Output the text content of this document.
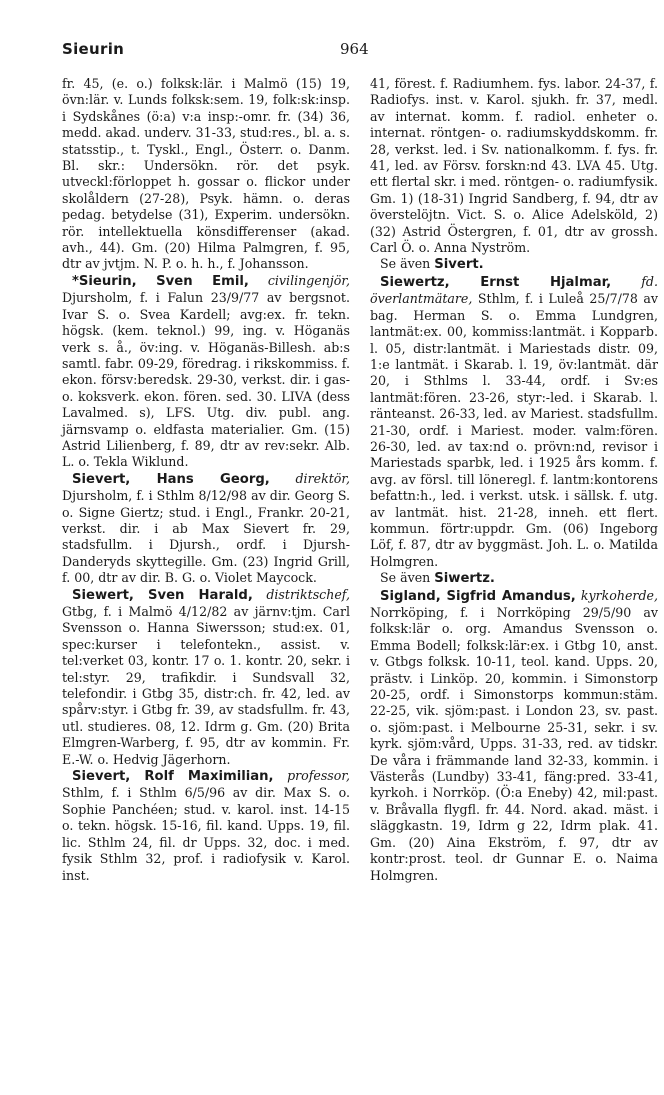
Sieurin	964

fr. 45, (e. o.) folksk:lär. i Malmö (15) 19, övn:lär. v. Lunds folksk:sem. 19, folk:sk:insp. i Sydskånes (ö:a) v:a insp:-omr. fr. (34) 36, medd. akad. underv. 31-33, stud:res., bl. a. s. statsstip., t. Tyskl., Engl., Österr. o. Danm. Bl. skr.: Undersökn. rör. det psyk. utveckl:förloppet h. gossar o. flickor under skolåldern (27-28), Psyk. hämn. o. deras pedag. betydelse (31), Experim. undersökn. rör. intellektuella könsdifferenser (akad. avh., 44). Gm. (20) Hilma Palmgren, f. 95, dtr av jvtjm. N. P. o. h. h., f. Johansson.

*Sieurin, Sven Emil, civilingenjör, Djursholm, f. i Falun 23/9/77 av bergsnot. Ivar S. o. Svea Kardell; avg:ex. fr. tekn. högsk. (kem. teknol.) 99, ing. v. Höganäs verk s. å., öv:ing. v. Höganäs-Billesh. ab:s samtl. fabr. 09-29, föredrag. i rikskommiss. f. ekon. försv:beredsk. 29-30, verkst. dir. i gas- o. koksverk. ekon. fören. sed. 30. LIVA (dess Lavalmed. s), LFS. Utg. div. publ. ang. järnsvamp o. eldfasta materialier. Gm. (15) Astrid Lilienberg, f. 89, dtr av rev:sekr. Alb. L. o. Tekla Wiklund.

Sievert, Hans Georg, direktör, Djursholm, f. i Sthlm 8/12/98 av dir. Georg S. o. Signe Giertz; stud. i Engl., Frankr. 20-21, verkst. dir. i ab Max Sievert fr. 29, stadsfullm. i Djursh., ordf. i Djursh-Danderyds skyttegille. Gm. (23) Ingrid Grill, f. 00, dtr av dir. B. G. o. Violet Maycock.

Siewert, Sven Harald, distriktschef, Gtbg, f. i Malmö 4/12/82 av järnv:tjm. Carl Svensson o. Hanna Siwersson; stud:ex. 01, spec:kurser i telefontekn., assist. v. tel:verket 03, kontr. 17 o. 1. kontr. 20, sekr. i tel:styr. 29, trafikdir. i Sundsvall 32, telefondir. i Gtbg 35, distr:ch. fr. 42, led. av spårv:styr. i Gtbg fr. 39, av stadsfullm. fr. 43, utl. studieres. 08, 12. Idrm g. Gm. (20) Brita Elmgren-Warberg, f. 95, dtr av kommin. Fr. E.-W. o. Hedvig Jägerhorn.

Sievert, Rolf Maximilian, professor, Sthlm, f. i Sthlm 6/5/96 av dir. Max S. o. Sophie Panchéen; stud. v. karol. inst. 14-15 o. tekn. högsk. 15-16, fil. kand. Upps. 19, fil. lic. Sthlm 24, fil. dr Upps. 32, doc. i med. fysik Sthlm 32, prof. i radiofysik v. Karol. inst.

41, förest. f. Radiumhem. fys. labor. 24-37, f. Radiofys. inst. v. Karol. sjukh. fr. 37, medl. av internat. komm. f. radiol. enheter o. internat. röntgen- o. radiumskyddskomm. fr. 28, verkst. led. i Sv. nationalkomm. f. fys. fr. 41, led. av Försv. forskn:nd 43. LVA 45. Utg. ett flertal skr. i med. röntgen- o. radiumfysik. Gm. 1) (18-31) Ingrid Sandberg, f. 94, dtr av överstelöjtn. Vict. S. o. Alice Adelsköld, 2) (32) Astrid Östergren, f. 01, dtr av grossh. Carl Ö. o. Anna Nyström.

Se även Sivert.

Siewertz, Ernst Hjalmar, fd. överlantmätare, Sthlm, f. i Luleå 25/7/78 av bag. Herman S. o. Emma Lundgren, lantmät:ex. 00, kommiss:lantmät. i Kopparb. l. 05, distr:lantmät. i Mariestads distr. 09, 1:e lantmät. i Skarab. l. 19, öv:lantmät. där 20, i Sthlms l. 33-44, ordf. i Sv:es lantmät:fören. 23-26, styr:-led. i Skarab. l. ränteanst. 26-33, led. av Mariest. stadsfullm. 21-30, ordf. i Mariest. moder. valm:fören. 26-30, led. av tax:nd o. prövn:nd, revisor i Mariestads sparbk, led. i 1925 års komm. f. avg. av försl. till löneregl. f. lantm:kontorens befattn:h., led. i verkst. utsk. i sällsk. f. utg. av lantmät. hist. 21-28, inneh. ett flert. kommun. förtr:uppdr. Gm. (06) Ingeborg Löf, f. 87, dtr av byggmäst. Joh. L. o. Matilda Holmgren.

Se även Siwertz.

Sigland, Sigfrid Amandus, kyrkoherde, Norrköping, f. i Norrköping 29/5/90 av folksk:lär o. org. Amandus Svensson o. Emma Bodell; folksk:lär:ex. i Gtbg 10, anst. v. Gtbgs folksk. 10-11, teol. kand. Upps. 20, prästv. i Linköp. 20, kommin. i Simonstorp 20-25, ordf. i Simonstorps kommun:stäm. 22-25, vik. sjöm:past. i London 23, sv. past. o. sjöm:past. i Melbourne 25-31, sekr. i sv. kyrk. sjöm:vård, Upps. 31-33, red. av tidskr. De våra i främmande land 32-33, kommin. i Västerås (Lundby) 33-41, fäng:pred. 33-41, kyrkoh. i Norrköp. (Ö:a Eneby) 42, mil:past. v. Bråvalla flygfl. fr. 44. Nord. akad. mäst. i släggkastn. 19, Idrm g 22, Idrm plak. 41. Gm. (20) Aina Ekström, f. 97, dtr av kontr:prost. teol. dr Gunnar E. o. Naima Holmgren.
